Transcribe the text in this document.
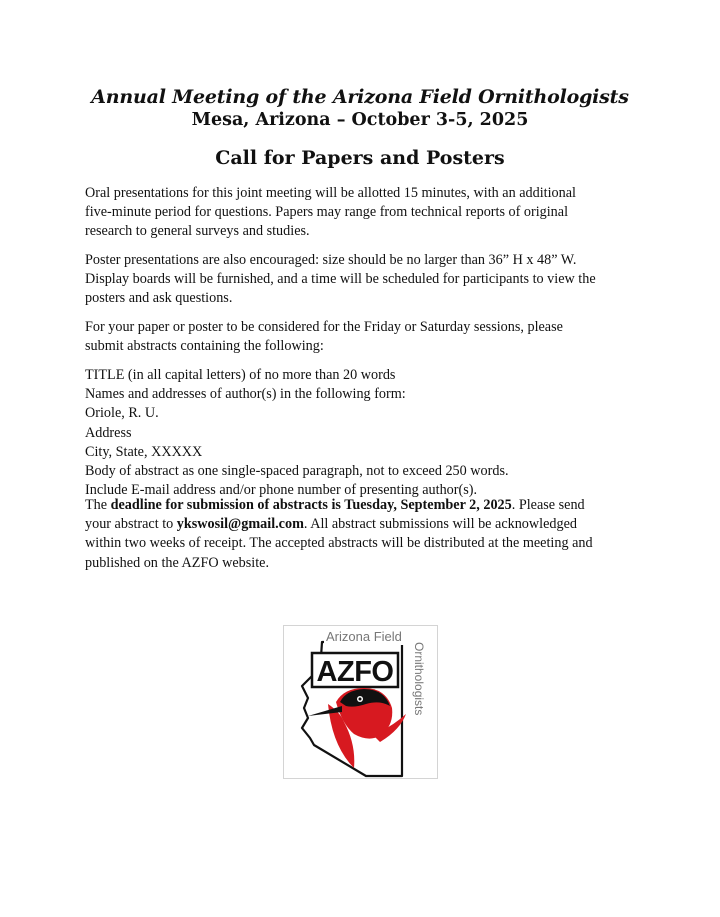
Annual Meeting of the Arizona Field Ornithologists
Mesa, Arizona – October 3-5, 2025
Call for Papers and Posters

Oral presentations for this joint meeting will be allotted 15 minutes, with an additional
five-minute period for questions. Papers may range from technical reports of original
research to general surveys and studies.

Poster presentations are also encouraged: size should be no larger than 36” H x 48” W.
Display boards will be furnished, and a time will be scheduled for participants to view the
posters and ask questions.

For your paper or poster to be considered for the Friday or Saturday sessions, please
submit abstracts containing the following:

TITLE (in all capital letters) of no more than 20 words
Names and addresses of author(s) in the following form:
Oriole, R. U.
Address
City, State, XXXXX
Body of abstract as one single-spaced paragraph, not to exceed 250 words.
Include E-mail address and/or phone number of presenting author(s).

The deadline for submission of abstracts is Tuesday, September 2, 2025. Please send
your abstract to ykswosil@gmail.com. All abstract submissions will be acknowledged
within two weeks of receipt. The accepted abstracts will be distributed at the meeting and
published on the AZFO website.

Arizona Field
Ornithologists
AZFO
